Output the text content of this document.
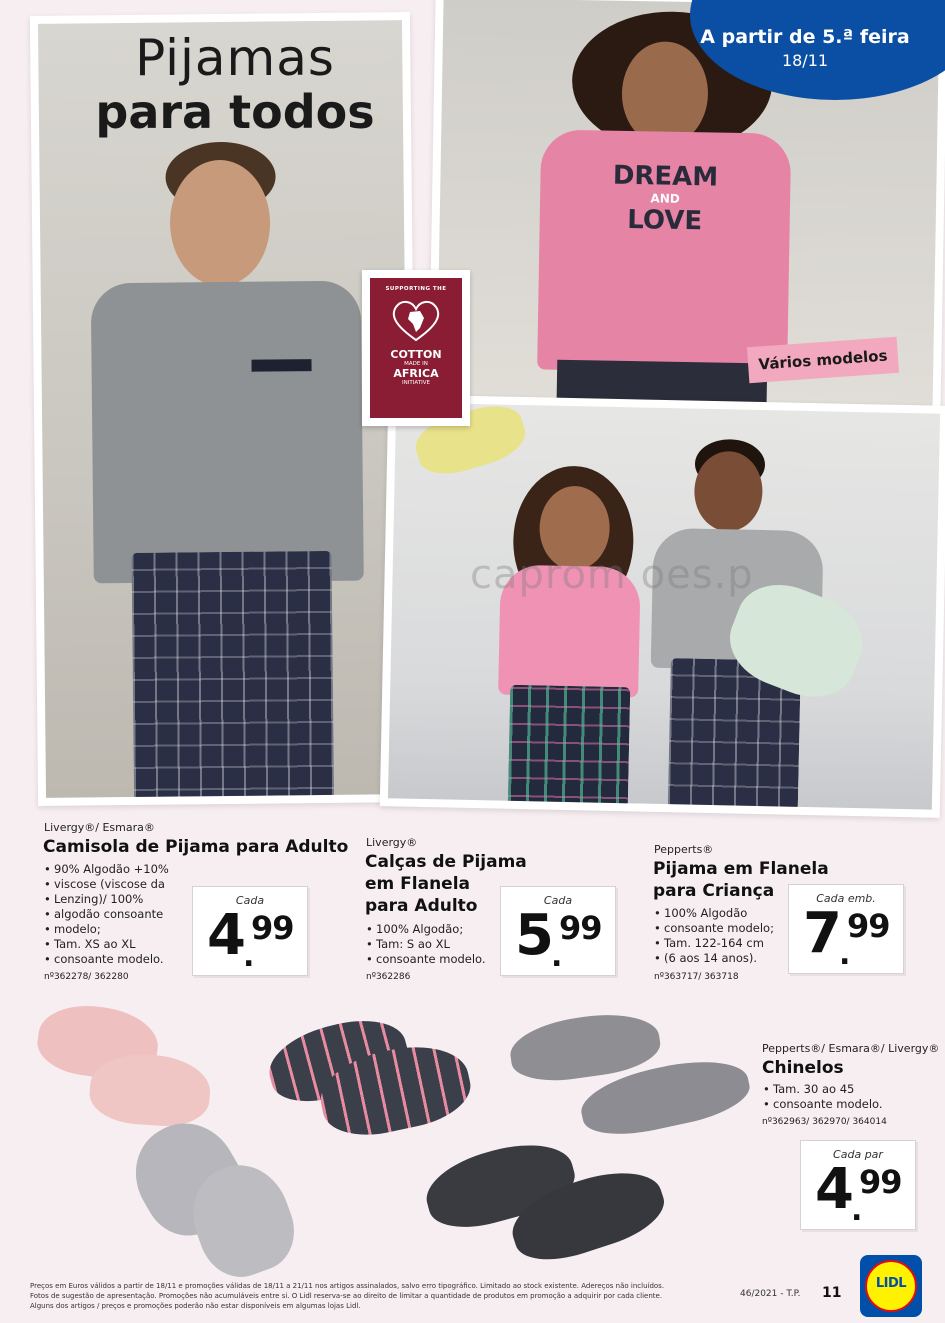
Pijamas
para todos
DREAM
AND
LOVE
A partir de 5.ª feira
18/11
Vários modelos
SUPPORTING THE
COTTON
MADE IN
AFRICA
INITIATIVE
caprom oes.p
Livergy®/ Esmara®
Camisola de Pijama para Adulto
• 90% Algodão +10%
• viscose (viscose da
• Lenzing)/ 100%
• algodão consoante
• modelo;
• Tam. XS ao XL
• consoante modelo.
nº362278/ 362280
Cada
4 .
99
Livergy®
Calças de Pijama
em Flanela
para Adulto
• 100% Algodão;
• Tam: S ao XL
• consoante modelo.
nº362286
Cada
5 .
99
Pepperts®
Pijama em Flanela
para Criança
• 100% Algodão
• consoante modelo;
• Tam. 122-164 cm
• (6 aos 14 anos).
nº363717/ 363718
Cada emb.
7 .
99
Pepperts®/ Esmara®/ Livergy®
Chinelos
• Tam. 30 ao 45
• consoante modelo.
nº362963/ 362970/ 364014
Cada par
4 .
99
Preços em Euros válidos a partir de 18/11 e promoções válidas de 18/11 a 21/11 nos artigos assinalados, salvo erro tipográfico. Limitado ao stock existente. Adereços não incluídos.
Fotos de sugestão de apresentação. Promoções não acumuláveis entre si. O Lidl reserva-se ao direito de limitar a quantidade de produtos em promoção a adquirir por cada cliente.
Alguns dos artigos / preços e promoções poderão não estar disponíveis em algumas lojas Lidl.
46/2021 - T.P. 11
LIDL
